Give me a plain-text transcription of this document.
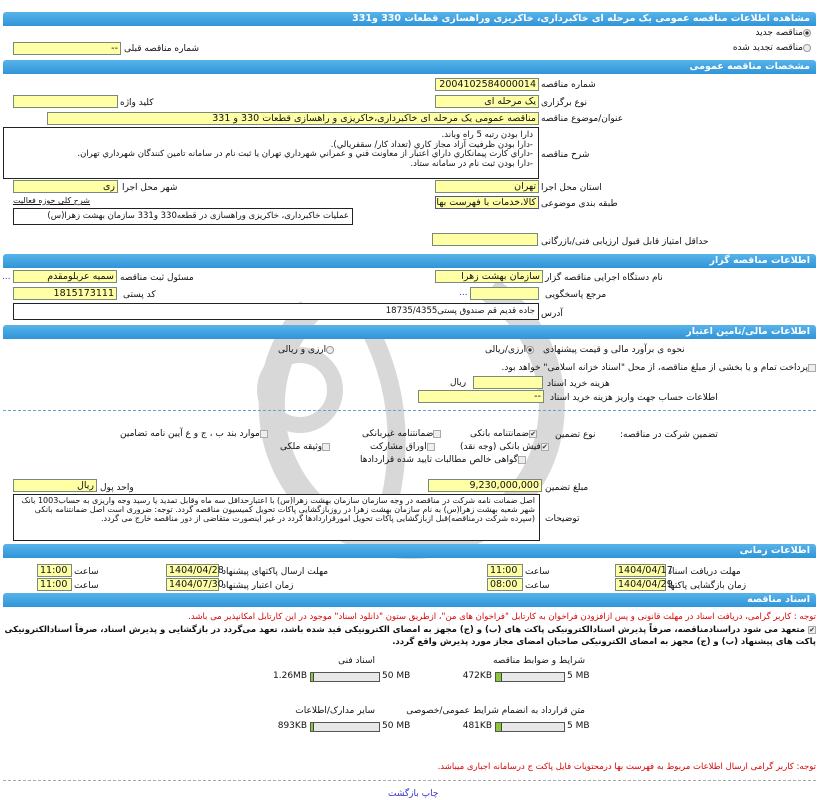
مشاهده اطلاعات مناقصه عمومی یک مرحله ای خاکبرداری، خاکریزی وراهسازی قطعات 330 و331
مناقصه جدید
مناقصه تجدید شده
شماره مناقصه قبلی
--
مشخصات مناقصه عمومی
شماره مناقصه
2004102584000014
نوع برگزاری
یک مرحله ای
کلید واژه
عنوان/موضوع مناقصه
مناقصه عمومی یک مرحله ای خاکبرداری،خاکریزی و راهسازی قطعات 330 و 331
شرح مناقصه
دارا بودن رتبه 5 راه وباند.
-دارا بودن ظرفيت آزاد مجاز كاري (تعداد كار/ سقفريالي).
-داراي كارت پيمانكاري داراي اعتبار از معاونت فني و عمراني شهرداري تهران يا ثبت نام در سامانه تامين كنندگان شهرداري تهران.
-دارا بودن ثبت نام در سامانه ستاد.
استان محل اجرا
تهران
شهر محل اجرا
ری
طبقه بندی موضوعی
کالا،خدمات با فهرست بها
شرح کلی حوزه فعالیت
عملیات خاکبرداری، خاکریزی وراهسازی در قطعه330 و331 سازمان بهشت زهرا(س)
حداقل امتیاز قابل قبول ارزیابی فنی/بازرگانی
اطلاعات مناقصه گزار
نام دستگاه اجرایی مناقصه گزار
سازمان بهشت زهرا
مسئول ثبت مناقصه
سمیه عربلومقدم
...
مرجع پاسخگویی
...
کد پستی
1815173111
آدرس
جاده قدیم قم صندوق پستی18735/4355
اطلاعات مالی/تامین اعتبار
نحوه ی برآورد مالی و قیمت پیشنهادی
ارزی/ریالی
ارزی و ریالی
پرداخت تمام و یا بخشی از مبلغ مناقصه، از محل "اسناد خزانه اسلامی" خواهد بود.
هزینه خرید اسناد
ریال
اطلاعات حساب جهت واریز هزینه خرید اسناد
--
تضمین شرکت در مناقصه:
نوع تضمین
✔ضمانتنامه بانکی
ضمانتنامه غیربانکی
موارد بند ب ، ج و ع آیین نامه تضامین
✔فیش بانکی (وجه نقد)
اوراق مشارکت
وثیقه ملکی
گواهی خالص مطالبات تایید شده قراردادها
مبلغ تضمین
9,230,000,000
واحد پول
ریال
توضیحات
اصل ضمانت نامه شرکت در مناقصه در وجه سازمان سازمان بهشت زهرا(س) با اعتبارحداقل سه ماه وقابل تمدید یا رسید وجه واریزی به حساب1003 بانک شهر شعبه بهشت زهرا(س) به نام سازمان بهشت زهرا در روزبازگشایی پاکات تحویل کمیسیون مناقصه گردد. توجه: ضروری است اصل ضمانتنامه بانکی (سپرده شرکت درمناقصه)قبل ازبازگشایی پاکات تحویل امورقراردادها گردد در غیر اینصورت متقاضی از دور مناقصه خارج می گردد.
اطلاعات زمانی
مهلت دریافت اسناد
1404/04/17
ساعت
11:00
مهلت ارسال پاکتهای پیشنهاد
1404/04/28
ساعت
11:00
زمان بازگشایی پاکتها
1404/04/29
ساعت
08:00
زمان اعتبار پیشنهاد
1404/07/30
ساعت
11:00
اسناد مناقصه
توجه : کاربر گرامی، دریافت اسناد در مهلت قانونی و پس ازافزودن فراخوان به کارتابل "فراخوان های من"، ازطریق ستون "دانلود اسناد" موجود در این کارتابل امکانپذیر می باشد.
✔ متعهد می شود دراسنادمناقصه، صرفاً پذیرش اسنادالکترونیکی پاکت های (ب) و (ج) مجهز به امضای الکترونیکی قید شده باشد، تعهد می‌گردد در بازگشایی و پذیرش اسناد، صرفاً اسنادالکترونیکی پاکت های پیشنهاد (ب) و (ج) مجهز به امضای الکترونیکی صاحبان امضای مجاز مورد پذیرش واقع گردد.
شرایط و ضوابط مناقصه
472KB	5 MB
اسناد فنی
1.26MB	50 MB
متن قرارداد به انضمام شرایط عمومی/خصوصی
481KB	5 MB
سایر مدارک/اطلاعات
893KB	50 MB
توجه: کاربر گرامی ارسال اطلاعات مربوط به فهرست بها درمحتویات فایل پاکت ج درسامانه اجباری میباشد.
چاپ بازگشت
